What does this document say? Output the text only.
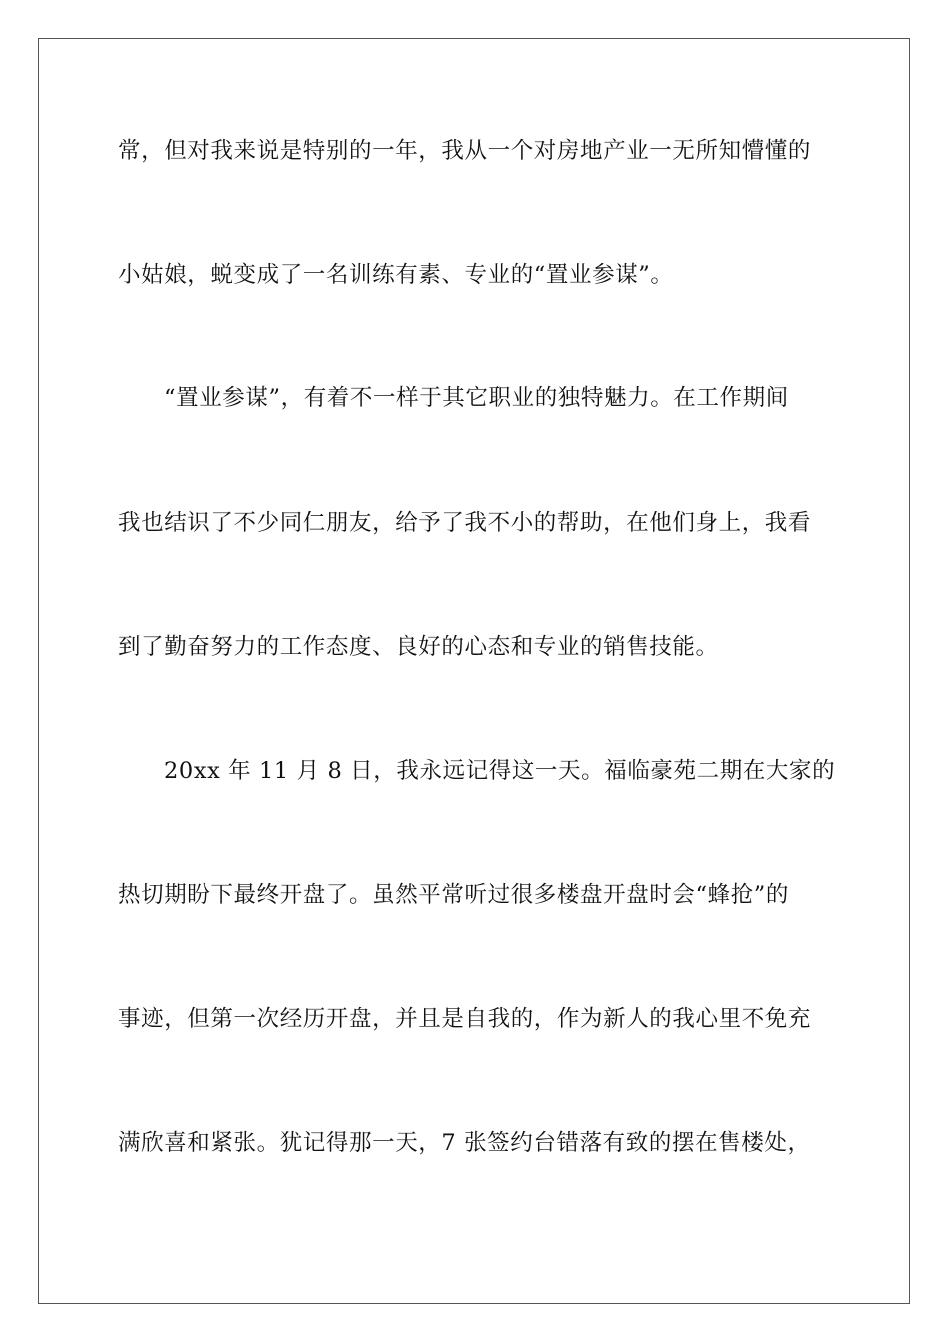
常，但对我来说是特别的一年，我从一个对房地产业一无所知懵懂的
小姑娘，蜕变成了一名训练有素、专业的“置业参谋”。
“置业参谋”，有着不一样于其它职业的独特魅力。在工作期间
我也结识了不少同仁朋友，给予了我不小的帮助，在他们身上，我看
到了勤奋努力的工作态度、良好的心态和专业的销售技能。
20xx 年 11 月 8 日，我永远记得这一天。福临豪苑二期在大家的
热切期盼下最终开盘了。虽然平常听过很多楼盘开盘时会“蜂抢”的
事迹，但第一次经历开盘，并且是自我的，作为新人的我心里不免充
满欣喜和紧张。犹记得那一天，7 张签约台错落有致的摆在售楼处，
